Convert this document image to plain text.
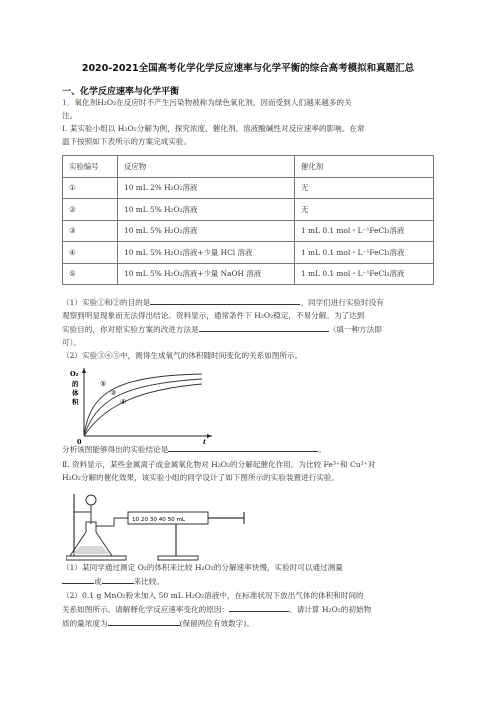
2020-2021全国高考化学化学反应速率与化学平衡的综合高考模拟和真题汇总
一、化学反应速率与化学平衡
1．氧化剂H₂O₂在反应时不产生污染物被称为绿色氧化剂，因而受到人们越来越多的关
注。
I. 某实验小组以 H₂O₂分解为例，探究浓度、催化剂、溶液酸碱性对反应速率的影响。在常
温下按照如下表所示的方案完成实验。
实验编号	反应物	催化剂
①	10 mL 2% H₂O₂溶液	无
②	10 mL 5% H₂O₂溶液	无
③	10 mL 5% H₂O₂溶液	1 mL 0.1 mol・L⁻¹FeCl₃溶液
④	10 mL 5% H₂O₂溶液+少量 HCl 溶液	1 mL 0.1 mol・L⁻¹FeCl₃溶液
⑤	10 mL 5% H₂O₂溶液+少量 NaOH 溶液	1 mL 0.1 mol・L⁻¹FeCl₃溶液
（1）实验①和②的目的是	。同学们进行实验时没有
观察到明显现象而无法得出结论。资料显示，通常条件下 H₂O₂稳定，不易分解。为了达到
实验目的，你对原实验方案的改进方法是	（填一种方法即
可）。
（2）实验③④⑤中，测得生成氧气的体积随时间变化的关系如图所示。
O₂
的
体
积
0	t
⑤
③
④
分析该图能够得出的实验结论是	。
Ⅱ. 资料显示，某些金属离子或金属氧化物对 H₂O₂的分解起催化作用。为比较 Fe³⁺和 Cu²⁺对
H₂O₂分解的催化效果，该实验小组的同学设计了如下图所示的实验装置进行实验。
10 20 30 40 50 mL
（1）某同学通过测定 O₂的体积来比较 H₂O₂的分解速率快慢，实验时可以通过测量
或	来比较。
（2）0.1 g MnO₂粉末加入 50 mL H₂O₂溶液中，在标准状况下放出气体的体积和时间的
关系如图所示。请解释化学反应速率变化的原因：	。请计算 H₂O₂的初始物
质的量浓度为	(保留两位有效数字)。
